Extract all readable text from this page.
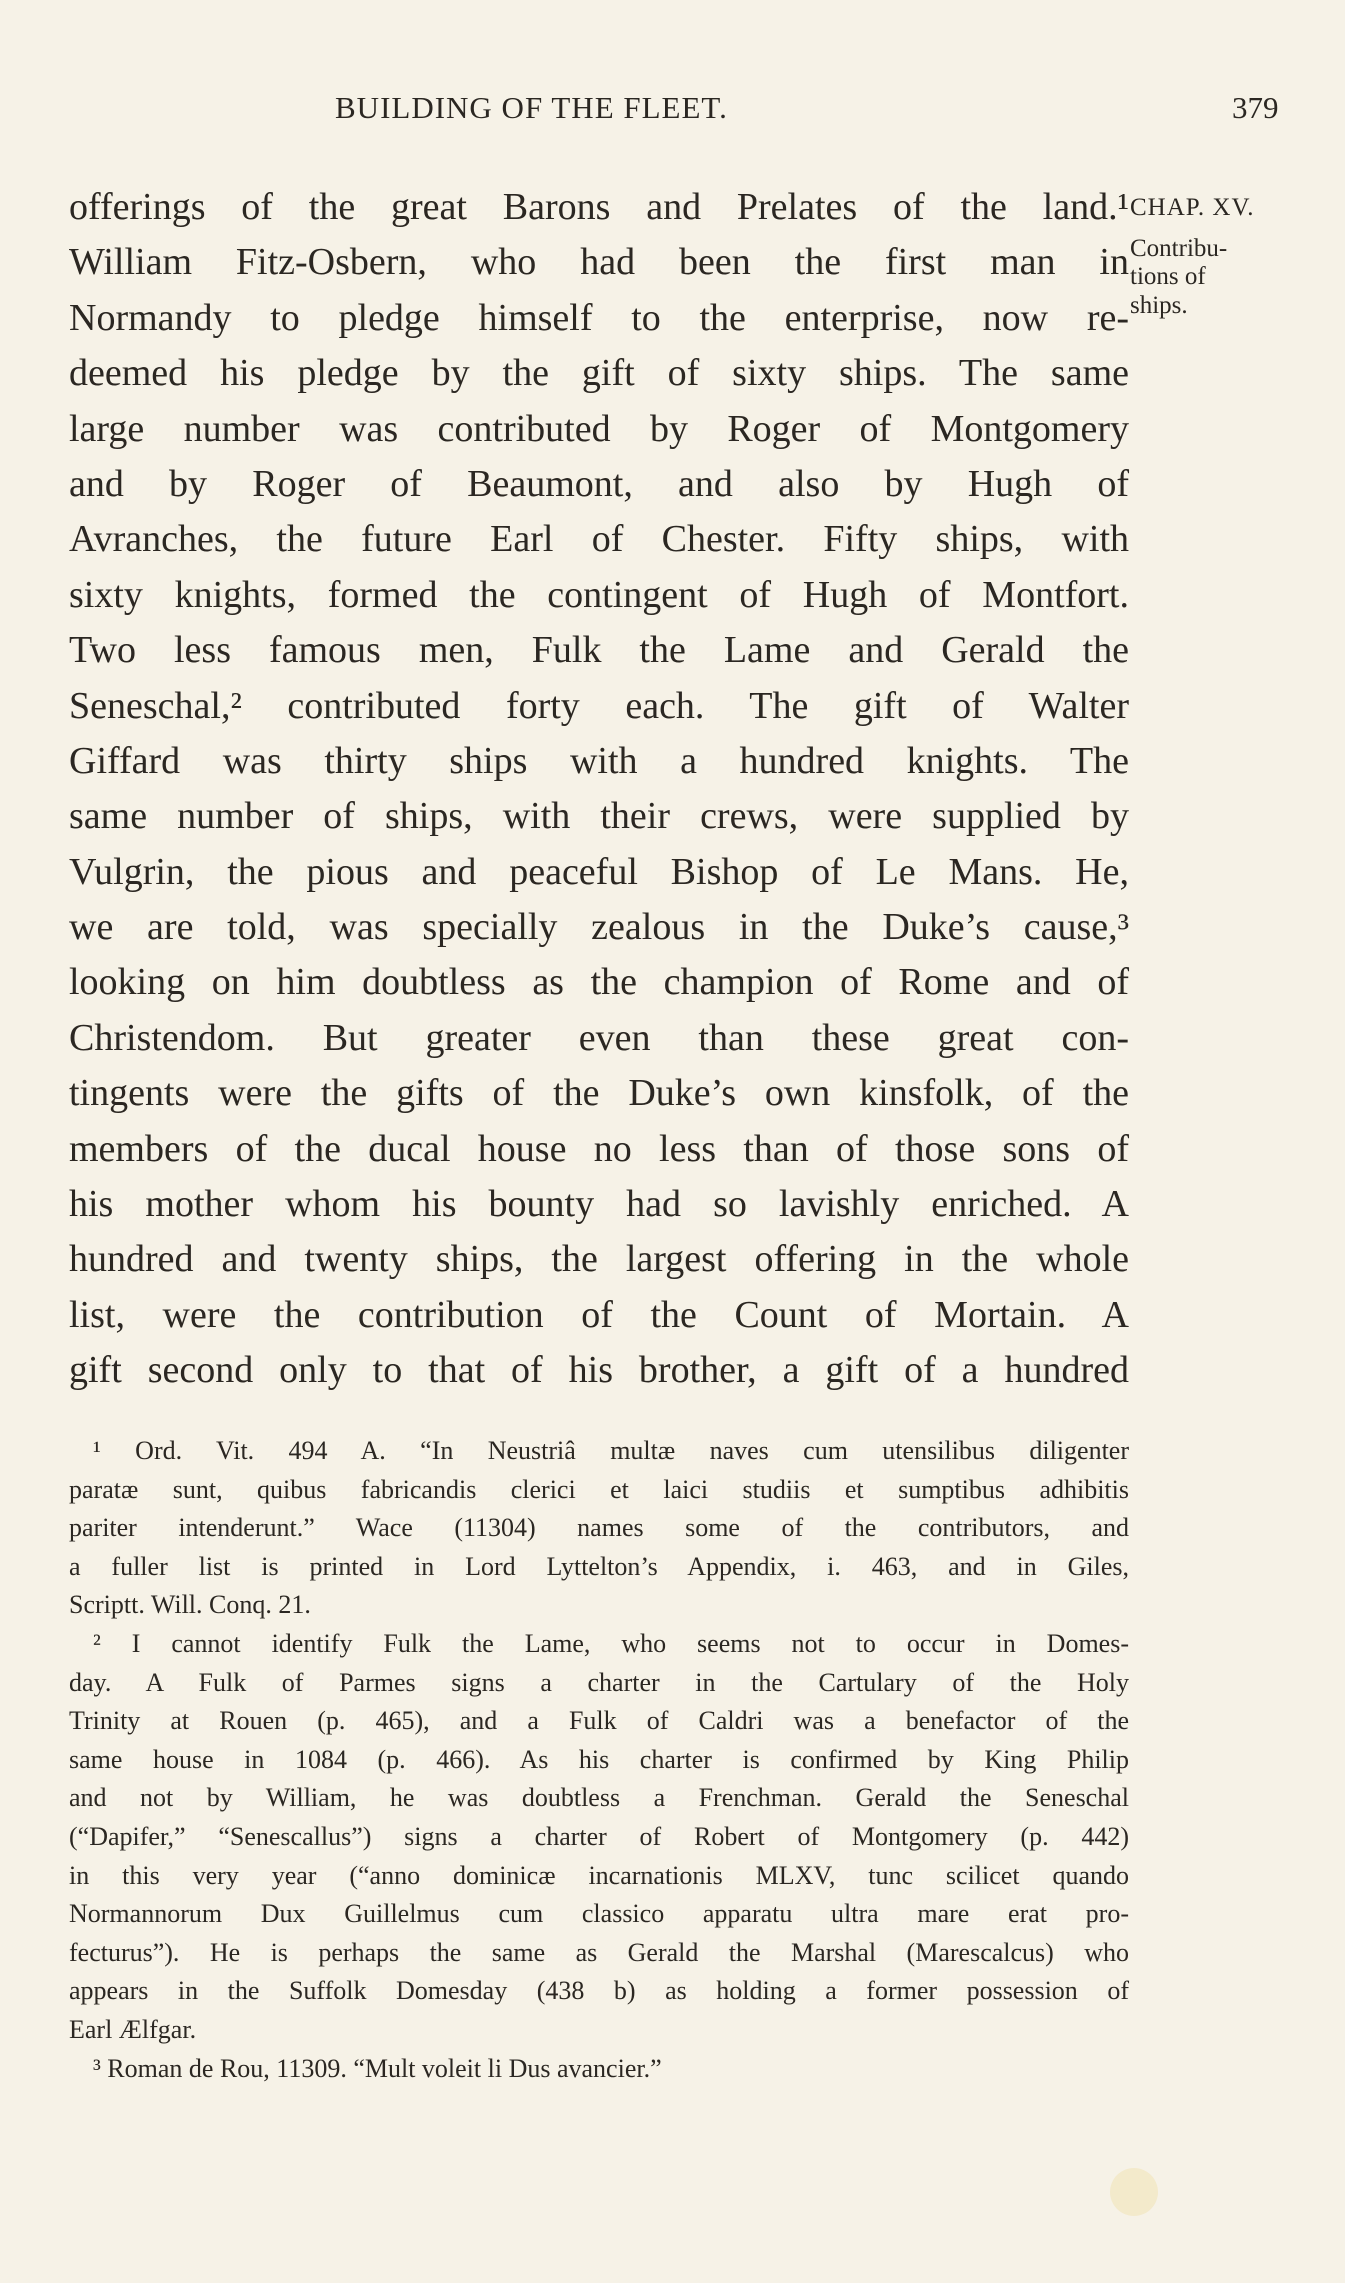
BUILDING OF THE FLEET.	379
CHAP. XV.
Contribu-
tions of
ships.
offerings of the great Barons and Prelates of the land.¹
William Fitz-Osbern, who had been the first man in
Normandy to pledge himself to the enterprise, now re-
deemed his pledge by the gift of sixty ships. The same
large number was contributed by Roger of Montgomery
and by Roger of Beaumont, and also by Hugh of
Avranches, the future Earl of Chester. Fifty ships, with
sixty knights, formed the contingent of Hugh of Montfort.
Two less famous men, Fulk the Lame and Gerald the
Seneschal,² contributed forty each. The gift of Walter
Giffard was thirty ships with a hundred knights. The
same number of ships, with their crews, were supplied by
Vulgrin, the pious and peaceful Bishop of Le Mans. He,
we are told, was specially zealous in the Duke’s cause,³
looking on him doubtless as the champion of Rome and of
Christendom. But greater even than these great con-
tingents were the gifts of the Duke’s own kinsfolk, of the
members of the ducal house no less than of those sons of
his mother whom his bounty had so lavishly enriched. A
hundred and twenty ships, the largest offering in the whole
list, were the contribution of the Count of Mortain. A
gift second only to that of his brother, a gift of a hundred
¹ Ord. Vit. 494 A. “In Neustriâ multæ naves cum utensilibus diligenter
paratæ sunt, quibus fabricandis clerici et laici studiis et sumptibus adhibitis
pariter intenderunt.” Wace (11304) names some of the contributors, and
a fuller list is printed in Lord Lyttelton’s Appendix, i. 463, and in Giles,
Scriptt. Will. Conq. 21.
² I cannot identify Fulk the Lame, who seems not to occur in Domes-
day. A Fulk of Parmes signs a charter in the Cartulary of the Holy
Trinity at Rouen (p. 465), and a Fulk of Caldri was a benefactor of the
same house in 1084 (p. 466). As his charter is confirmed by King Philip
and not by William, he was doubtless a Frenchman. Gerald the Seneschal
(“Dapifer,” “Senescallus”) signs a charter of Robert of Montgomery (p. 442)
in this very year (“anno dominicæ incarnationis MLXV, tunc scilicet quando
Normannorum Dux Guillelmus cum classico apparatu ultra mare erat pro-
fecturus”). He is perhaps the same as Gerald the Marshal (Marescalcus) who
appears in the Suffolk Domesday (438 b) as holding a former possession of
Earl Ælfgar.
³ Roman de Rou, 11309. “Mult voleit li Dus avancier.”
